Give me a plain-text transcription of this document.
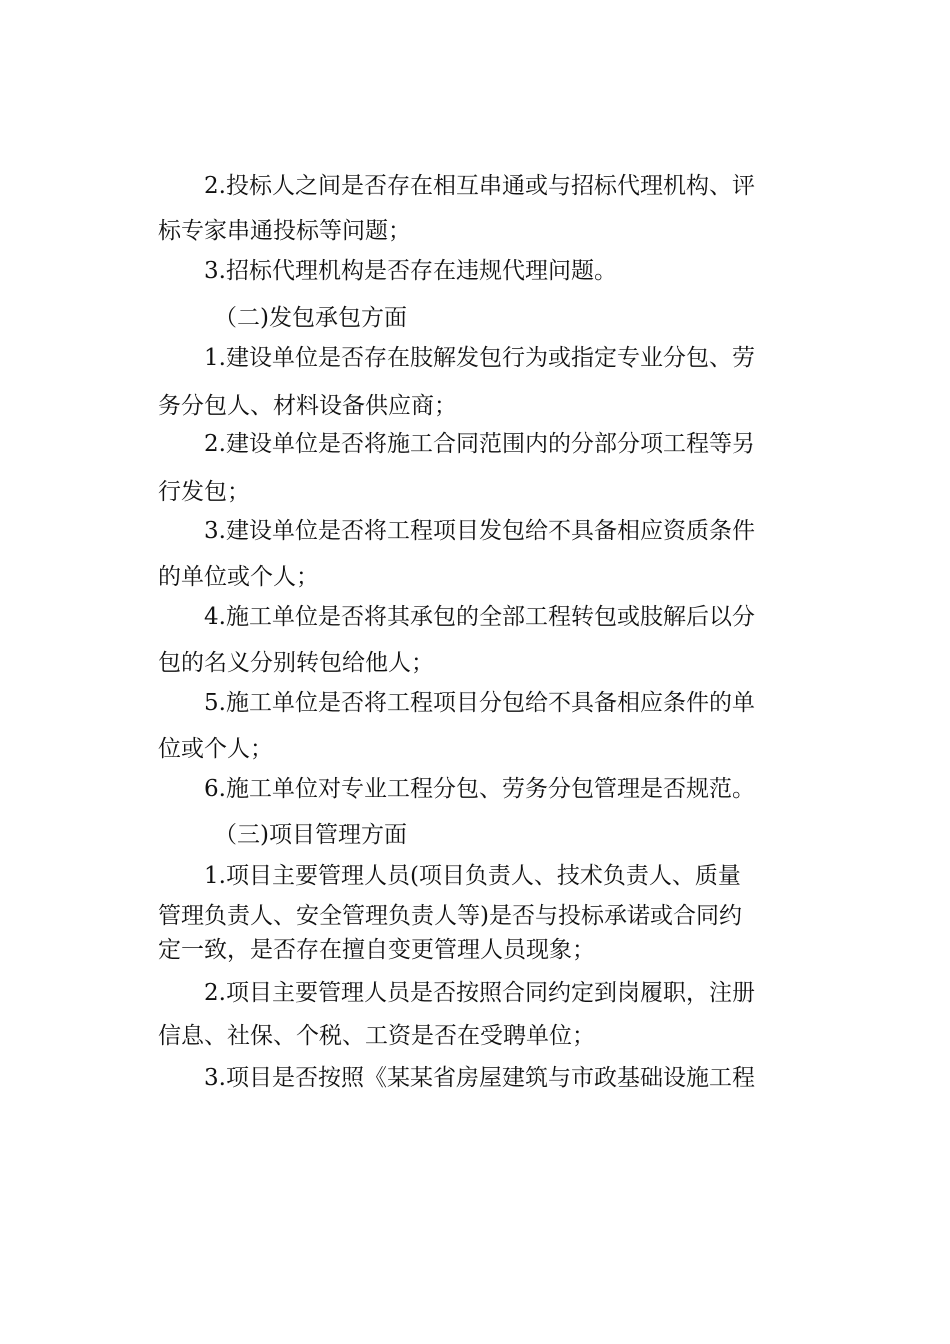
2.投标人之间是否存在相互串通或与招标代理机构、评

标专家串通投标等问题；

3.招标代理机构是否存在违规代理问题。

（二)发包承包方面

1.建设单位是否存在肢解发包行为或指定专业分包、劳

务分包人、材料设备供应商；

2.建设单位是否将施工合同范围内的分部分项工程等另

行发包；

3.建设单位是否将工程项目发包给不具备相应资质条件

的单位或个人；

4.施工单位是否将其承包的全部工程转包或肢解后以分

包的名义分别转包给他人；

5.施工单位是否将工程项目分包给不具备相应条件的单

位或个人；

6.施工单位对专业工程分包、劳务分包管理是否规范。

（三)项目管理方面

1.项目主要管理人员(项目负责人、技术负责人、质量

管理负责人、安全管理负责人等)是否与投标承诺或合同约

定一致，是否存在擅自变更管理人员现象；

2.项目主要管理人员是否按照合同约定到岗履职，注册

信息、社保、个税、工资是否在受聘单位；

3.项目是否按照《某某省房屋建筑与市政基础设施工程
